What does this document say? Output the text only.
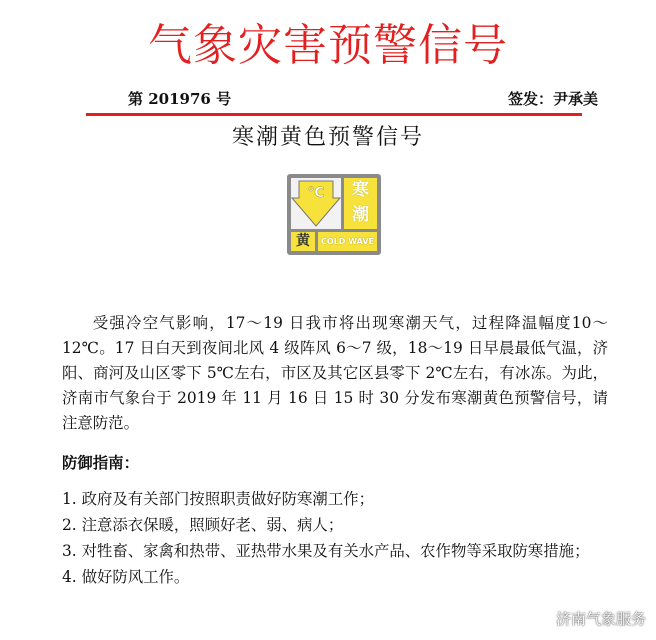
气象灾害预警信号
第 201976 号	签发：尹承美
寒潮黄色预警信号
℃	寒潮
黄	COLD WAVE

受强冷空气影响，17～19 日我市将出现寒潮天气，过程降温幅度10～12℃。17 日白天到夜间北风 4 级阵风 6～7 级，18～19 日早晨最低气温，济阳、商河及山区零下 5℃左右，市区及其它区县零下 2℃左右，有冰冻。为此，济南市气象台于 2019 年 11 月 16 日 15 时 30 分发布寒潮黄色预警信号，请注意防范。

防御指南：
1. 政府及有关部门按照职责做好防寒潮工作；
2. 注意添衣保暖，照顾好老、弱、病人；
3. 对牲畜、家禽和热带、亚热带水果及有关水产品、农作物等采取防寒措施；
4. 做好防风工作。
济南气象服务
